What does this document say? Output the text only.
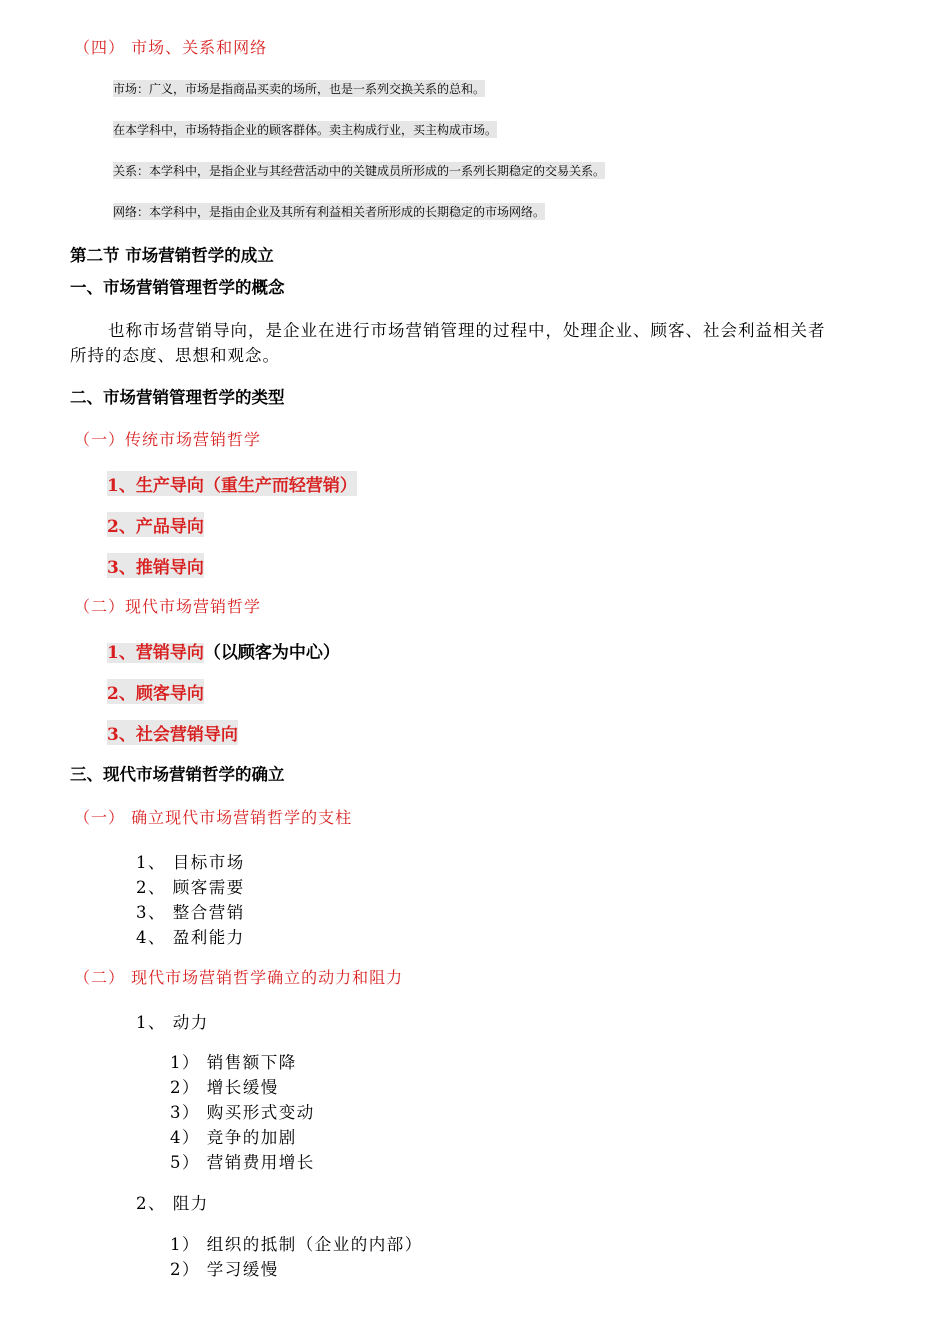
（四） 市场、关系和网络
市场：广义，市场是指商品买卖的场所，也是一系列交换关系的总和。
在本学科中，市场特指企业的顾客群体。卖主构成行业，买主构成市场。
关系：本学科中，是指企业与其经营活动中的关键成员所形成的一系列长期稳定的交易关系。
网络：本学科中，是指由企业及其所有利益相关者所形成的长期稳定的市场网络。
第二节 市场营销哲学的成立
一、市场营销管理哲学的概念
也称市场营销导向，是企业在进行市场营销管理的过程中，处理企业、顾客、社会利益相关者
所持的态度、思想和观念。
二、市场营销管理哲学的类型
（一）传统市场营销哲学
1、生产导向（重生产而轻营销）
2、产品导向
3、推销导向
（二）现代市场营销哲学
1、营销导向（以顾客为中心）
2、顾客导向
3、社会营销导向
三、现代市场营销哲学的确立
（一） 确立现代市场营销哲学的支柱
1、 目标市场
2、 顾客需要
3、 整合营销
4、 盈利能力
（二） 现代市场营销哲学确立的动力和阻力
1、 动力
1） 销售额下降
2） 增长缓慢
3） 购买形式变动
4） 竞争的加剧
5） 营销费用增长
2、 阻力
1） 组织的抵制（企业的内部）
2） 学习缓慢
